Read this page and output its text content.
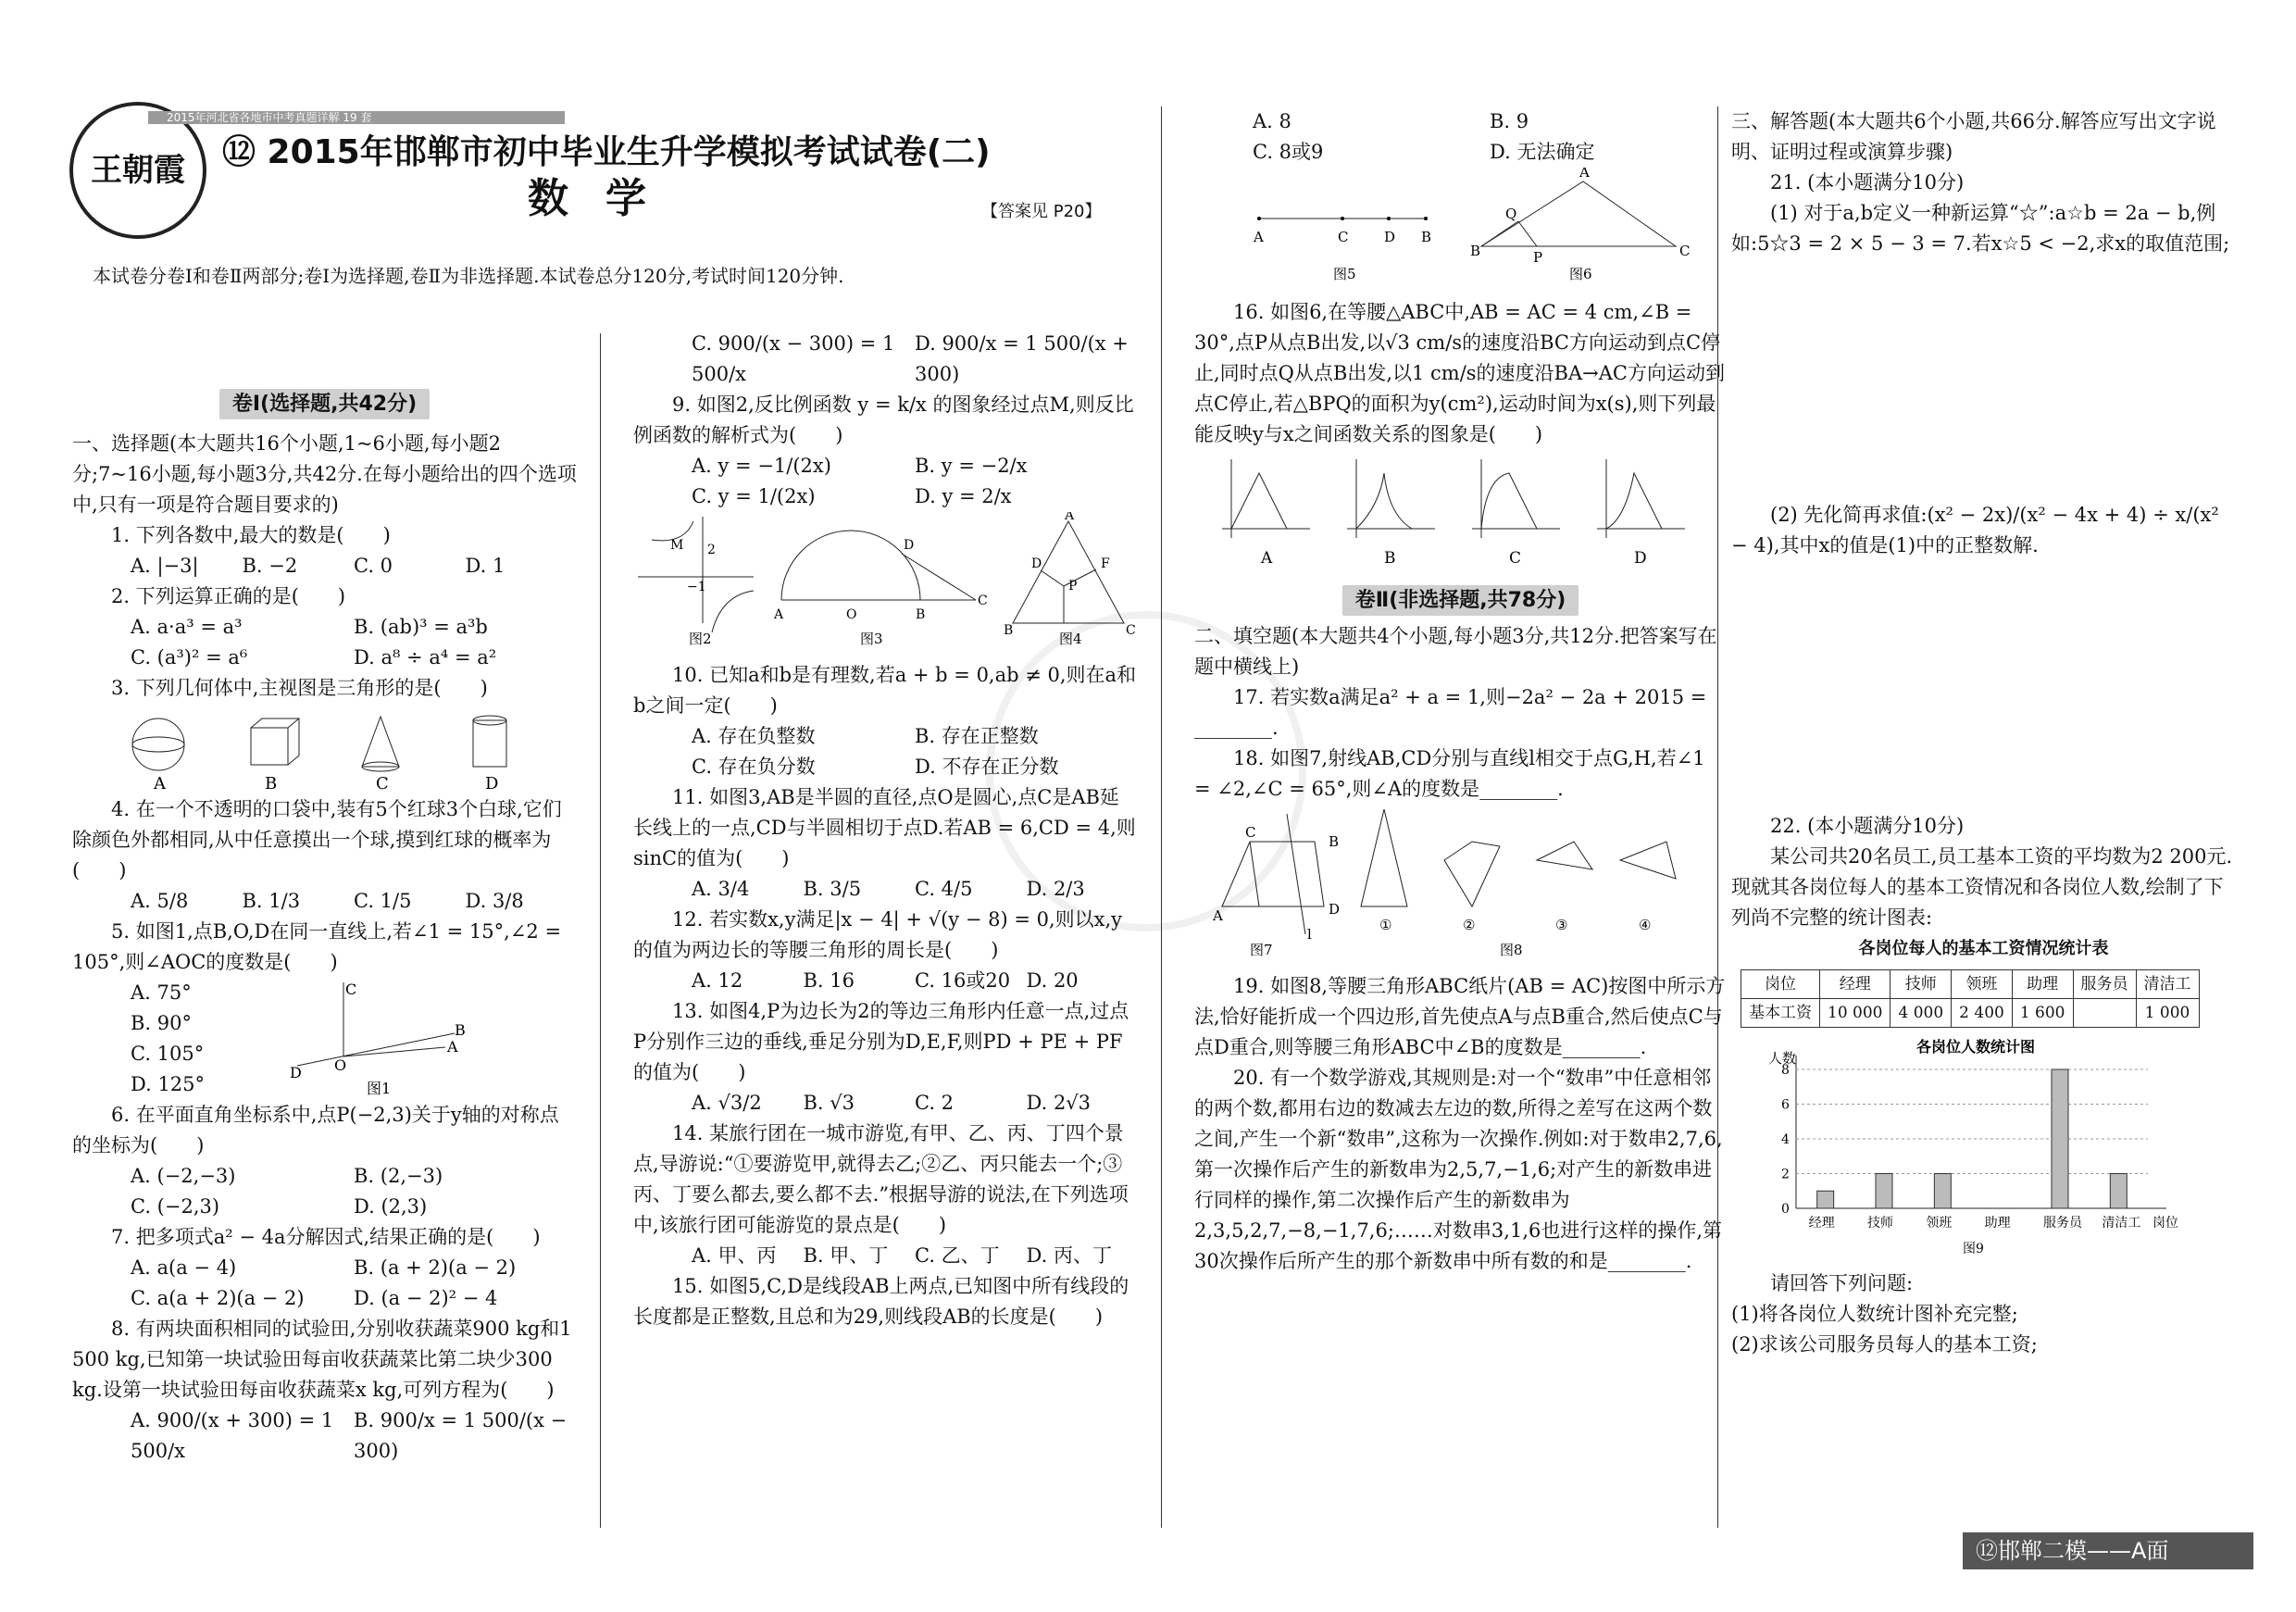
王朝霞
2015年河北省各地市中考真题详解 19 套
⑫ 2015年邯郸市初中毕业生升学模拟考试试卷(二)
数学	【答案见 P20】
本试卷分卷Ⅰ和卷Ⅱ两部分;卷Ⅰ为选择题,卷Ⅱ为非选择题.本试卷总分120分,考试时间120分钟.

卷Ⅰ(选择题,共42分)

一、选择题(本大题共16个小题,1~6小题,每小题2分;7~16小题,每小题3分,共42分.在每小题给出的四个选项中,只有一项是符合题目要求的)

1. 下列各数中,最大的数是(　　)

A. |−3|	B. −2	C. 0	D. 1

2. 下列运算正确的是(　　)

A. a·a³ = a³	B. (ab)³ = a³b
C. (a³)² = a⁶	D. a⁸ ÷ a⁴ = a²

3. 下列几何体中,主视图是三角形的是(　　)

A	B	C	D

4. 在一个不透明的口袋中,装有5个红球3个白球,它们除颜色外都相同,从中任意摸出一个球,摸到红球的概率为(　　)

A. 5/8	B. 1/3	C. 1/5	D. 3/8

5. 如图1,点B,O,D在同一直线上,若∠1 = 15°,∠2 = 105°,则∠AOC的度数是(　　)

A. 75°

B. 90°

C. 105°

D. 125°

C
B
A
D O
图1

6. 在平面直角坐标系中,点P(−2,3)关于y轴的对称点的坐标为(　　)

A. (−2,−3)	B. (2,−3)
C. (−2,3)	D. (2,3)

7. 把多项式a² − 4a分解因式,结果正确的是(　　)

A. a(a − 4)	B. (a + 2)(a − 2)
C. a(a + 2)(a − 2)	D. (a − 2)² − 4

8. 有两块面积相同的试验田,分别收获蔬菜900 kg和1 500 kg,已知第一块试验田每亩收获蔬菜比第二块少300 kg.设第一块试验田每亩收获蔬菜x kg,可列方程为(　　)

A. 900/(x + 300) = 1 500/x
B. 900/x = 1 500/(x − 300)
C. 900/(x − 300) = 1 500/x
D. 900/x = 1 500/(x + 300)

9. 如图2,反比例函数 y = k/x 的图象经过点M,则反比例函数的解析式为(　　)

A. y = −1/(2x)	B. y = −2/x
C. y = 1/(2x)	D. y = 2/x
M
−1
2
图2
A	O	B
C
D
图3
A
B	C
D	F
P
图4

10. 已知a和b是有理数,若a + b = 0,ab ≠ 0,则在a和b之间一定(　　)

A. 存在负整数	B. 存在正整数
C. 存在负分数	D. 不存在正分数

11. 如图3,AB是半圆的直径,点O是圆心,点C是AB延长线上的一点,CD与半圆相切于点D.若AB = 6,CD = 4,则sinC的值为(　　)

A. 3/4	B. 3/5	C. 4/5	D. 2/3

12. 若实数x,y满足|x − 4| + √(y − 8) = 0,则以x,y的值为两边长的等腰三角形的周长是(　　)

A. 12	B. 16	C. 16或20 D. 20

13. 如图4,P为边长为2的等边三角形内任意一点,过点P分别作三边的垂线,垂足分别为D,E,F,则PD + PE + PF的值为(　　)

A. √3/2	B. √3	C. 2	D. 2√3

14. 某旅行团在一城市游览,有甲、乙、丙、丁四个景点,导游说:“①要游览甲,就得去乙;②乙、丙只能去一个;③丙、丁要么都去,要么都不去.”根据导游的说法,在下列选项中,该旅行团可能游览的景点是(　　)

A. 甲、丙	B. 甲、丁	C. 乙、丁	D. 丙、丁

15. 如图5,C,D是线段AB上两点,已知图中所有线段的长度都是正整数,且总和为29,则线段AB的长度是(　　)

A. 8	B. 9
C. 8或9	D. 无法确定
A	C	D B
图5
A
B	C
Q
P
图6

16. 如图6,在等腰△ABC中,AB = AC = 4 cm,∠B = 30°,点P从点B出发,以√3 cm/s的速度沿BC方向运动到点C停止,同时点Q从点B出发,以1 cm/s的速度沿BA→AC方向运动到点C停止,若△BPQ的面积为y(cm²),运动时间为x(s),则下列最能反映y与x之间函数关系的图象是(　　)

A	B	C	D

卷Ⅱ(非选择题,共78分)

二、填空题(本大题共4个小题,每小题3分,共12分.把答案写在题中横线上)

17. 若实数a满足a² + a = 1,则−2a² − 2a + 2015 = ________.

18. 如图7,射线AB,CD分别与直线l相交于点G,H,若∠1 = ∠2,∠C = 65°,则∠A的度数是________.

A
C
B
D
l
图7
①	②	③	④
图8

19. 如图8,等腰三角形ABC纸片(AB = AC)按图中所示方法,恰好能折成一个四边形,首先使点A与点B重合,然后使点C与点D重合,则等腰三角形ABC中∠B的度数是________.

20. 有一个数学游戏,其规则是:对一个“数串”中任意相邻的两个数,都用右边的数减去左边的数,所得之差写在这两个数之间,产生一个新“数串”,这称为一次操作.例如:对于数串2,7,6,第一次操作后产生的新数串为2,5,7,−1,6;对产生的新数串进行同样的操作,第二次操作后产生的新数串为2,3,5,2,7,−8,−1,7,6;……对数串3,1,6也进行这样的操作,第30次操作后所产生的那个新数串中所有数的和是________.

三、解答题(本大题共6个小题,共66分.解答应写出文字说明、证明过程或演算步骤)

21. (本小题满分10分)

(1) 对于a,b定义一种新运算“☆”:a☆b = 2a − b,例如:5☆3 = 2 × 5 − 3 = 7.若x☆5 < −2,求x的取值范围;

(2) 先化简再求值:(x² − 2x)/(x² − 4x + 4) ÷ x/(x² − 4),其中x的值是(1)中的正整数解.

22. (本小题满分10分)

某公司共20名员工,员工基本工资的平均数为2 200元.现就其各岗位每人的基本工资情况和各岗位人数,绘制了下列尚不完整的统计图表:

各岗位每人的基本工资情况统计表

岗位	经理	技师	领班	助理	服务员	清洁工
基本工资	10 000	4 000	2 400	1 600		1 000
各岗位人数统计图
人数
0
2
4
6
8
经理	技师	领班	助理	服务员 清洁工 岗位
图9

请回答下列问题:

(1)将各岗位人数统计图补充完整;

(2)求该公司服务员每人的基本工资;

⑫邯郸二模——A面
